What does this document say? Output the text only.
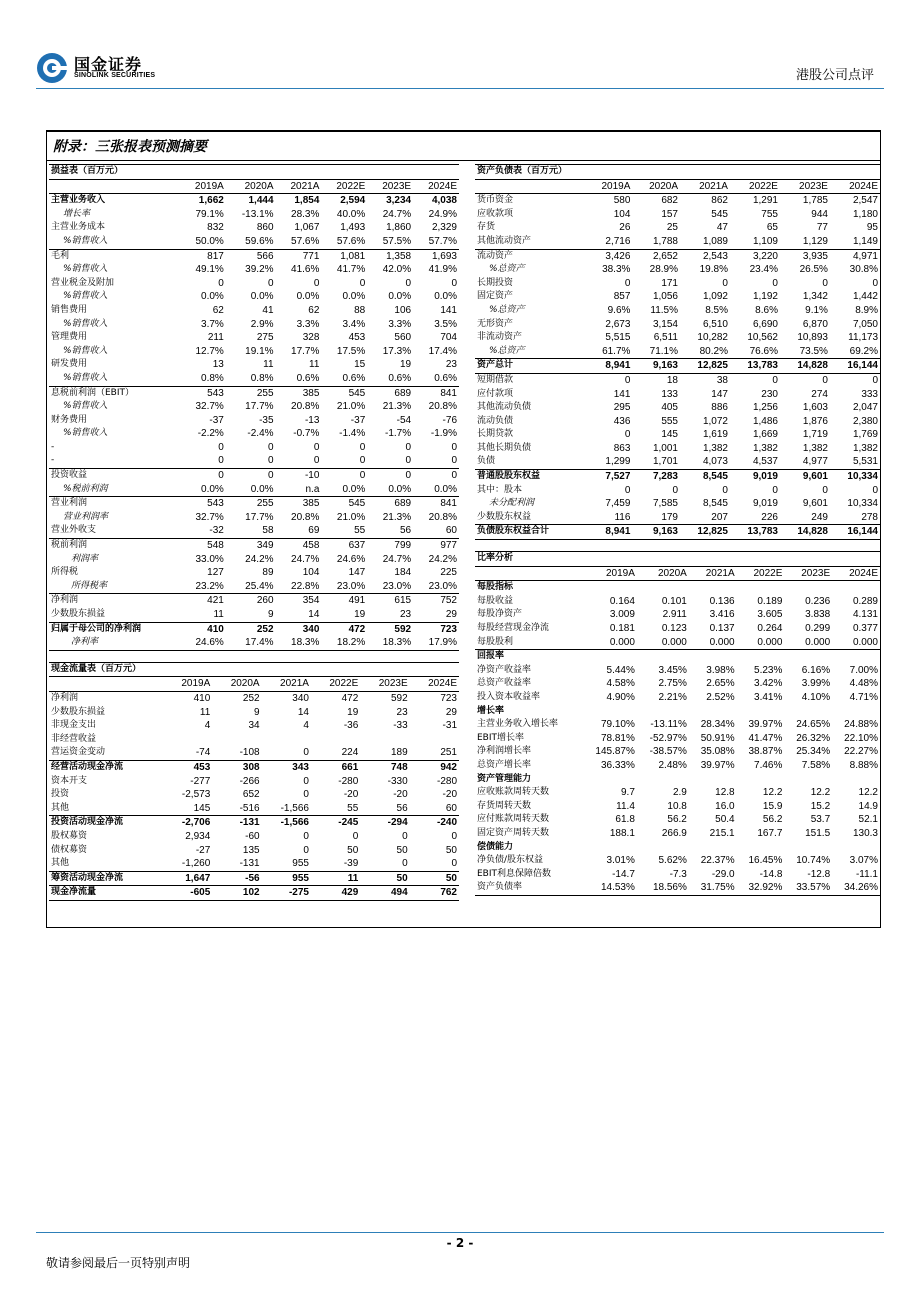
国金证券
SINOLINK SECURITIES	港股公司点评
附录：三张报表预测摘要
损益表（百万元）						
	2019A	2020A	2021A	2022E	2023E	2024E
主营业务收入	1,662	1,444	1,854	2,594	3,234	4,038
增长率	79.1%	-13.1%	28.3%	40.0%	24.7%	24.9%
主营业务成本	832	860	1,067	1,493	1,860	2,329
%销售收入	50.0%	59.6%	57.6%	57.6%	57.5%	57.7%
毛利	817	566	771	1,081	1,358	1,693
%销售收入	49.1%	39.2%	41.6%	41.7%	42.0%	41.9%
营业税金及附加	0	0	0	0	0	0
%销售收入	0.0%	0.0%	0.0%	0.0%	0.0%	0.0%
销售费用	62	41	62	88	106	141
%销售收入	3.7%	2.9%	3.3%	3.4%	3.3%	3.5%
管理费用	211	275	328	453	560	704
%销售收入	12.7%	19.1%	17.7%	17.5%	17.3%	17.4%
研发费用	13	11	11	15	19	23
%销售收入	0.8%	0.8%	0.6%	0.6%	0.6%	0.6%
息税前利润（EBIT）	543	255	385	545	689	841
%销售收入	32.7%	17.7%	20.8%	21.0%	21.3%	20.8%
财务费用	-37	-35	-13	-37	-54	-76
%销售收入	-2.2%	-2.4%	-0.7%	-1.4%	-1.7%	-1.9%
-	0	0	0	0	0	0
-	0	0	0	0	0	0
投资收益	0	0	-10	0	0	0
%税前利润	0.0%	0.0%	n.a	0.0%	0.0%	0.0%
营业利润	543	255	385	545	689	841
营业利润率	32.7%	17.7%	20.8%	21.0%	21.3%	20.8%
营业外收支	-32	58	69	55	56	60
税前利润	548	349	458	637	799	977
利润率	33.0%	24.2%	24.7%	24.6%	24.7%	24.2%
所得税	127	89	104	147	184	225
所得税率	23.2%	25.4%	22.8%	23.0%	23.0%	23.0%
净利润	421	260	354	491	615	752
少数股东损益	11	9	14	19	23	29
归属于母公司的净利润	410	252	340	472	592	723
净利率	24.6%	17.4%	18.3%	18.2%	18.3%	17.9%
现金流量表（百万元）						
	2019A	2020A	2021A	2022E	2023E	2024E
净利润	410	252	340	472	592	723
少数股东损益	11	9	14	19	23	29
非现金支出	4	34	4	-36	-33	-31
非经营收益						
营运资金变动	-74	-108	0	224	189	251
经营活动现金净流	453	308	343	661	748	942
资本开支	-277	-266	0	-280	-330	-280
投资	-2,573	652	0	-20	-20	-20
其他	145	-516	-1,566	55	56	60
投资活动现金净流	-2,706	-131	-1,566	-245	-294	-240
股权募资	2,934	-60	0	0	0	0
债权募资	-27	135	0	50	50	50
其他	-1,260	-131	955	-39	0	0
筹资活动现金净流	1,647	-56	955	11	50	50
现金净流量	-605	102	-275	429	494	762
资产负债表（百万元）						
	2019A	2020A	2021A	2022E	2023E	2024E
货币资金	580	682	862	1,291	1,785	2,547
应收款项	104	157	545	755	944	1,180
存货	26	25	47	65	77	95
其他流动资产	2,716	1,788	1,089	1,109	1,129	1,149
流动资产	3,426	2,652	2,543	3,220	3,935	4,971
%总资产	38.3%	28.9%	19.8%	23.4%	26.5%	30.8%
长期投资	0	171	0	0	0	0
固定资产	857	1,056	1,092	1,192	1,342	1,442
%总资产	9.6%	11.5%	8.5%	8.6%	9.1%	8.9%
无形资产	2,673	3,154	6,510	6,690	6,870	7,050
非流动资产	5,515	6,511	10,282	10,562	10,893	11,173
%总资产	61.7%	71.1%	80.2%	76.6%	73.5%	69.2%
资产总计	8,941	9,163	12,825	13,783	14,828	16,144
短期借款	0	18	38	0	0	0
应付款项	141	133	147	230	274	333
其他流动负债	295	405	886	1,256	1,603	2,047
流动负债	436	555	1,072	1,486	1,876	2,380
长期贷款	0	145	1,619	1,669	1,719	1,769
其他长期负债	863	1,001	1,382	1,382	1,382	1,382
负债	1,299	1,701	4,073	4,537	4,977	5,531
普通股股东权益	7,527	7,283	8,545	9,019	9,601	10,334
其中：股本	0	0	0	0	0	0
未分配利润	7,459	7,585	8,545	9,019	9,601	10,334
少数股东权益	116	179	207	226	249	278
负债股东权益合计	8,941	9,163	12,825	13,783	14,828	16,144
比率分析						
	2019A	2020A	2021A	2022E	2023E	2024E
每股指标						
每股收益	0.164	0.101	0.136	0.189	0.236	0.289
每股净资产	3.009	2.911	3.416	3.605	3.838	4.131
每股经营现金净流	0.181	0.123	0.137	0.264	0.299	0.377
每股股利	0.000	0.000	0.000	0.000	0.000	0.000
回报率						
净资产收益率	5.44%	3.45%	3.98%	5.23%	6.16%	7.00%
总资产收益率	4.58%	2.75%	2.65%	3.42%	3.99%	4.48%
投入资本收益率	4.90%	2.21%	2.52%	3.41%	4.10%	4.71%
增长率						
主营业务收入增长率	79.10%	-13.11%	28.34%	39.97%	24.65%	24.88%
EBIT增长率	78.81%	-52.97%	50.91%	41.47%	26.32%	22.10%
净利润增长率	145.87%	-38.57%	35.08%	38.87%	25.34%	22.27%
总资产增长率	36.33%	2.48%	39.97%	7.46%	7.58%	8.88%
资产管理能力						
应收账款周转天数	9.7	2.9	12.8	12.2	12.2	12.2
存货周转天数	11.4	10.8	16.0	15.9	15.2	14.9
应付账款周转天数	61.8	56.2	50.4	56.2	53.7	52.1
固定资产周转天数	188.1	266.9	215.1	167.7	151.5	130.3
偿债能力						
净负债/股东权益	3.01%	5.62%	22.37%	16.45%	10.74%	3.07%
EBIT利息保障倍数	-14.7	-7.3	-29.0	-14.8	-12.8	-11.1
资产负债率	14.53%	18.56%	31.75%	32.92%	33.57%	34.26%
- 2 -
敬请参阅最后一页特别声明
